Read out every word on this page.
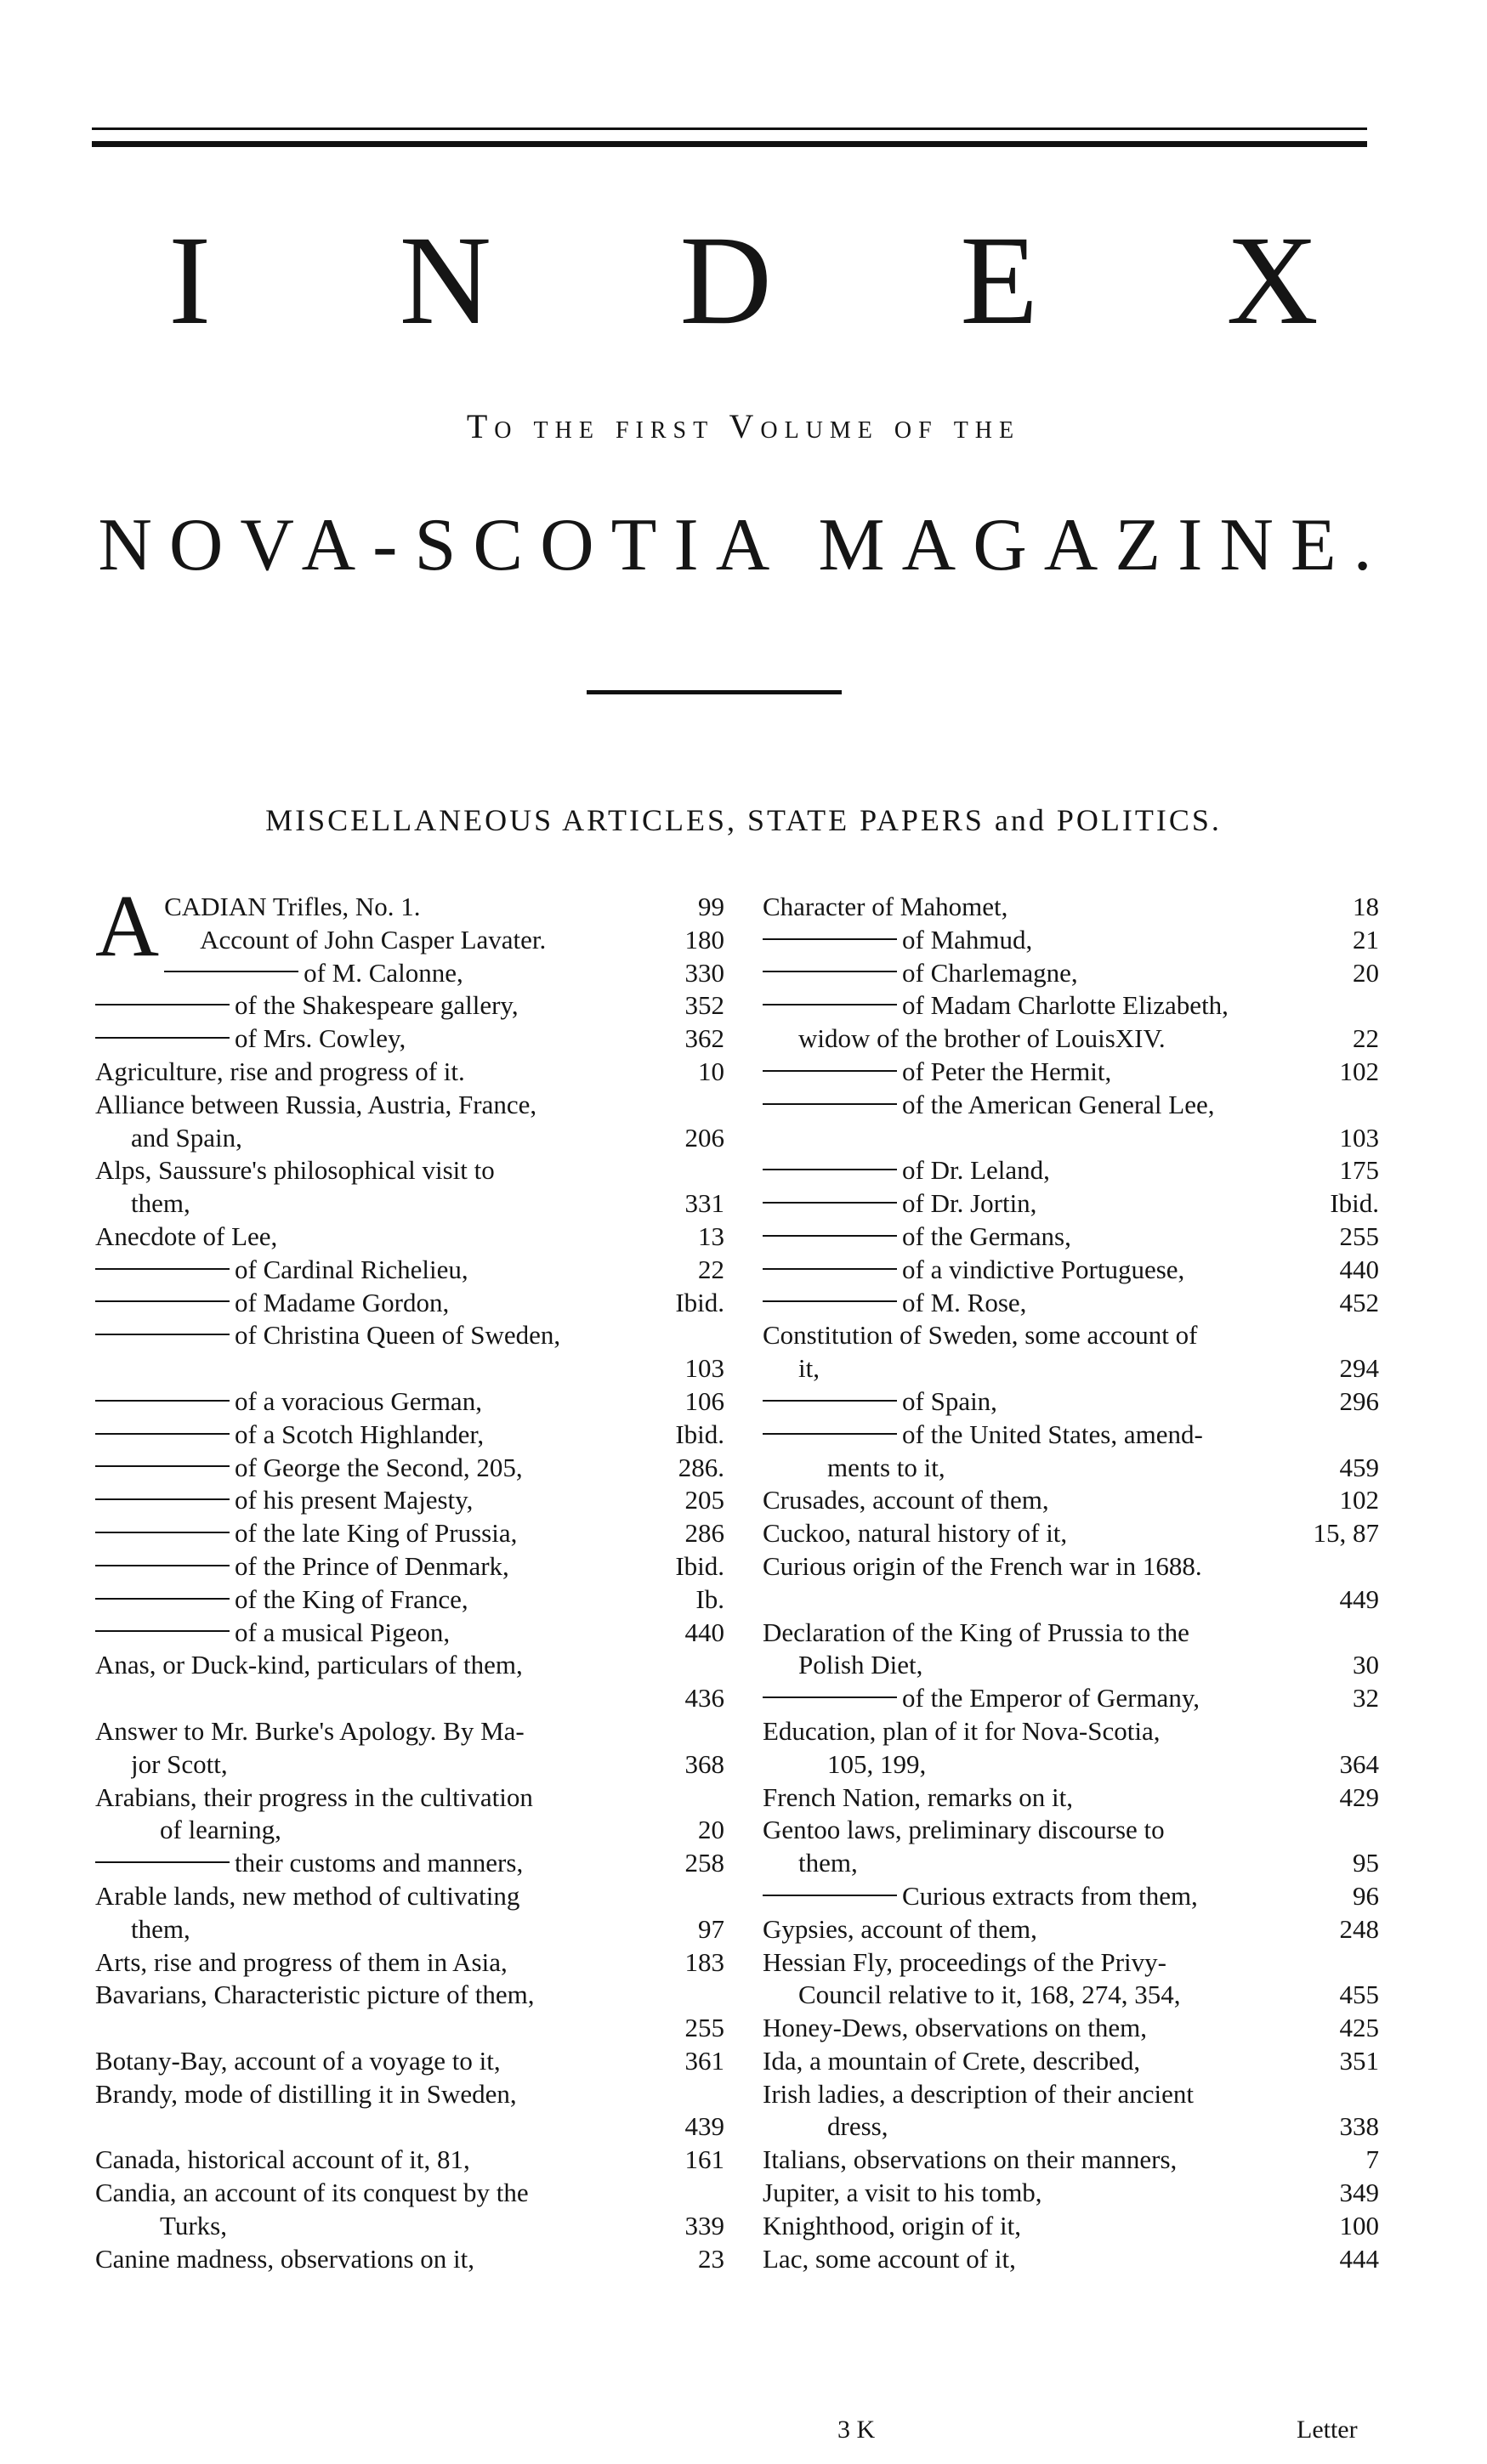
I N D E X
To the first Volume of the
NOVA-SCOTIA MAGAZINE.
MISCELLANEOUS ARTICLES, STATE PAPERS and POLITICS.
A CADIAN Trifles, No. 1.	99
Account of John Casper Lavater.	180
of M. Calonne,	330
of the Shakespeare gallery,	352
of Mrs. Cowley,	362
Agriculture, rise and progress of it.	10
Alliance between Russia, Austria, France,
and Spain,	206
Alps, Saussure's philosophical visit to
them,	331
Anecdote of Lee,	13
of Cardinal Richelieu,	22
of Madame Gordon,	Ibid.
of Christina Queen of Sweden,
103
of a voracious German,	106
of a Scotch Highlander,	Ibid.
of George the Second, 205,	286.
of his present Majesty,	205
of the late King of Prussia,	286
of the Prince of Denmark,	Ibid.
of the King of France,	Ib.
of a musical Pigeon,	440
Anas, or Duck-kind, particulars of them,
436
Answer to Mr. Burke's Apology. By Ma-
jor Scott,	368
Arabians, their progress in the cultivation
of learning,	20
their customs and manners,	258
Arable lands, new method of cultivating
them,	97
Arts, rise and progress of them in Asia,	183
Bavarians, Characteristic picture of them,
255
Botany-Bay, account of a voyage to it,	361
Brandy, mode of distilling it in Sweden,
439
Canada, historical account of it, 81,	161
Candia, an account of its conquest by the
Turks,	339
Canine madness, observations on it,	23
Character of Mahomet,	18
of Mahmud,	21
of Charlemagne,	20
of Madam Charlotte Elizabeth,
widow of the brother of LouisXIV.	22
of Peter the Hermit,	102
of the American General Lee,
103
of Dr. Leland,	175
of Dr. Jortin,	Ibid.
of the Germans,	255
of a vindictive Portuguese,	440
of M. Rose,	452
Constitution of Sweden, some account of
it,	294
of Spain,	296
of the United States, amend-
ments to it,	459
Crusades, account of them,	102
Cuckoo, natural history of it,	15, 87
Curious origin of the French war in 1688.
449
Declaration of the King of Prussia to the
Polish Diet,	30
of the Emperor of Germany,	32
Education, plan of it for Nova-Scotia,
105, 199,	364
French Nation, remarks on it,	429
Gentoo laws, preliminary discourse to
them,	95
Curious extracts from them,	96
Gypsies, account of them,	248
Hessian Fly, proceedings of the Privy-
Council relative to it, 168, 274, 354,	455
Honey-Dews, observations on them,	425
Ida, a mountain of Crete, described,	351
Irish ladies, a description of their ancient
dress,	338
Italians, observations on their manners,	7
Jupiter, a visit to his tomb,	349
Knighthood, origin of it,	100
Lac, some account of it,	444
3 K	Letter
